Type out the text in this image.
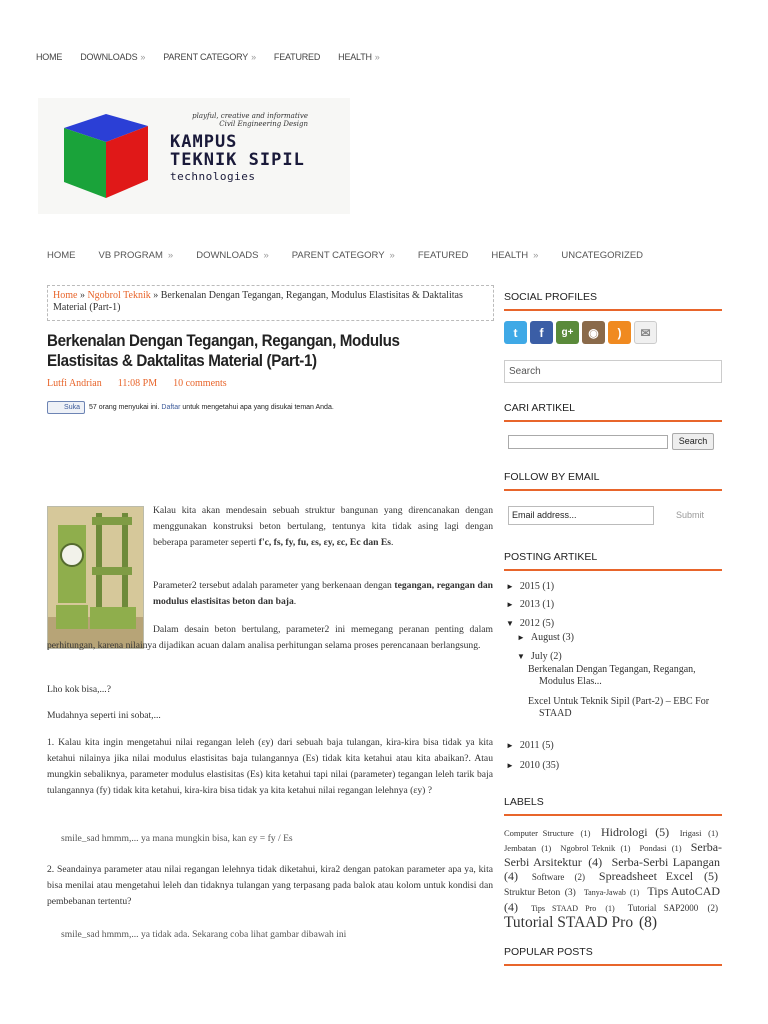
HOME DOWNLOADS » PARENT CATEGORY » FEATURED HEALTH »
playful, creative and informative
Civil Engineering Design
KAMPUS
TEKNIK SIPIL
technologies
HOME VB PROGRAM » DOWNLOADS » PARENT CATEGORY » FEATURED HEALTH » UNCATEGORIZED
Home » Ngobrol Teknik » Berkenalan Dengan Tegangan, Regangan, Modulus Elastisitas & Daktalitas Material (Part-1)
Berkenalan Dengan Tegangan, Regangan, Modulus Elastisitas & Daktalitas Material (Part-1)
Lutfi Andrian 11:08 PM 10 comments
Suka	57 orang menyukai ini.
Daftar
untuk mengetahui apa yang disukai teman Anda.

Kalau kita akan mendesain sebuah struktur bangunan yang direncanakan dengan menggunakan konstruksi beton bertulang, tentunya kita tidak asing lagi dengan beberapa parameter seperti f'c, fs, fy, fu, εs, εy, εc, Ec dan Es.

Parameter2 tersebut adalah parameter yang berkenaan dengan tegangan, regangan dan modulus elastisitas beton dan baja.

Dalam desain beton bertulang, parameter2 ini memegang peranan penting dalam perhitungan, karena nilainya dijadikan acuan dalam analisa perhitungan selama proses perencanaan berlangsung.

Lho kok bisa,...?

Mudahnya seperti ini sobat,...

1. Kalau kita ingin mengetahui nilai regangan leleh (εy) dari sebuah baja tulangan, kira-kira bisa tidak ya kita ketahui nilainya jika nilai modulus elastisitas baja tulangannya (Es) tidak kita ketahui atau kita abaikan?. Atau mungkin sebaliknya, parameter modulus elastisitas (Es) kita ketahui tapi nilai (parameter) tegangan leleh tarik baja tulangannya (fy) tidak kita ketahui, kira-kira bisa tidak ya kita ketahui nilai regangan lelehnya (εy) ?

smile_sad hmmm,... ya mana mungkin bisa, kan εy = fy / Es

2. Seandainya parameter atau nilai regangan lelehnya tidak diketahui, kira2 dengan patokan parameter apa ya, kita bisa menilai atau mengetahui leleh dan tidaknya tulangan yang terpasang pada balok atau kolom untuk kondisi dan pembebanan tertentu?

smile_sad hmmm,... ya tidak ada. Sekarang coba lihat gambar dibawah ini

SOCIAL PROFILES
t	f	g+	◉	)	✉
Search
CARI ARTIKEL
Search
FOLLOW BY EMAIL
Email address...	Submit
POSTING ARTIKEL
► 2015 (1)
► 2013 (1)
▼ 2012 (5)
► August (3)
▼ July (2)
Berkenalan Dengan Tegangan, Regangan, Modulus Elas...
Excel Untuk Teknik Sipil (Part-2) – EBC For STAAD
► 2011 (5)
► 2010 (35)
LABELS
Computer Structure (1) Hidrologi (5) Irigasi (1) Jembatan (1) Ngobrol Teknik (1) Pondasi (1) Serba-Serbi Arsitektur (4) Serba-Serbi Lapangan (4) Software (2) Spreadsheet Excel (5) Struktur Beton (3) Tanya-Jawab (1) Tips AutoCAD (4) Tips STAAD Pro (1) Tutorial SAP2000 (2) Tutorial STAAD Pro (8)
POPULAR POSTS
